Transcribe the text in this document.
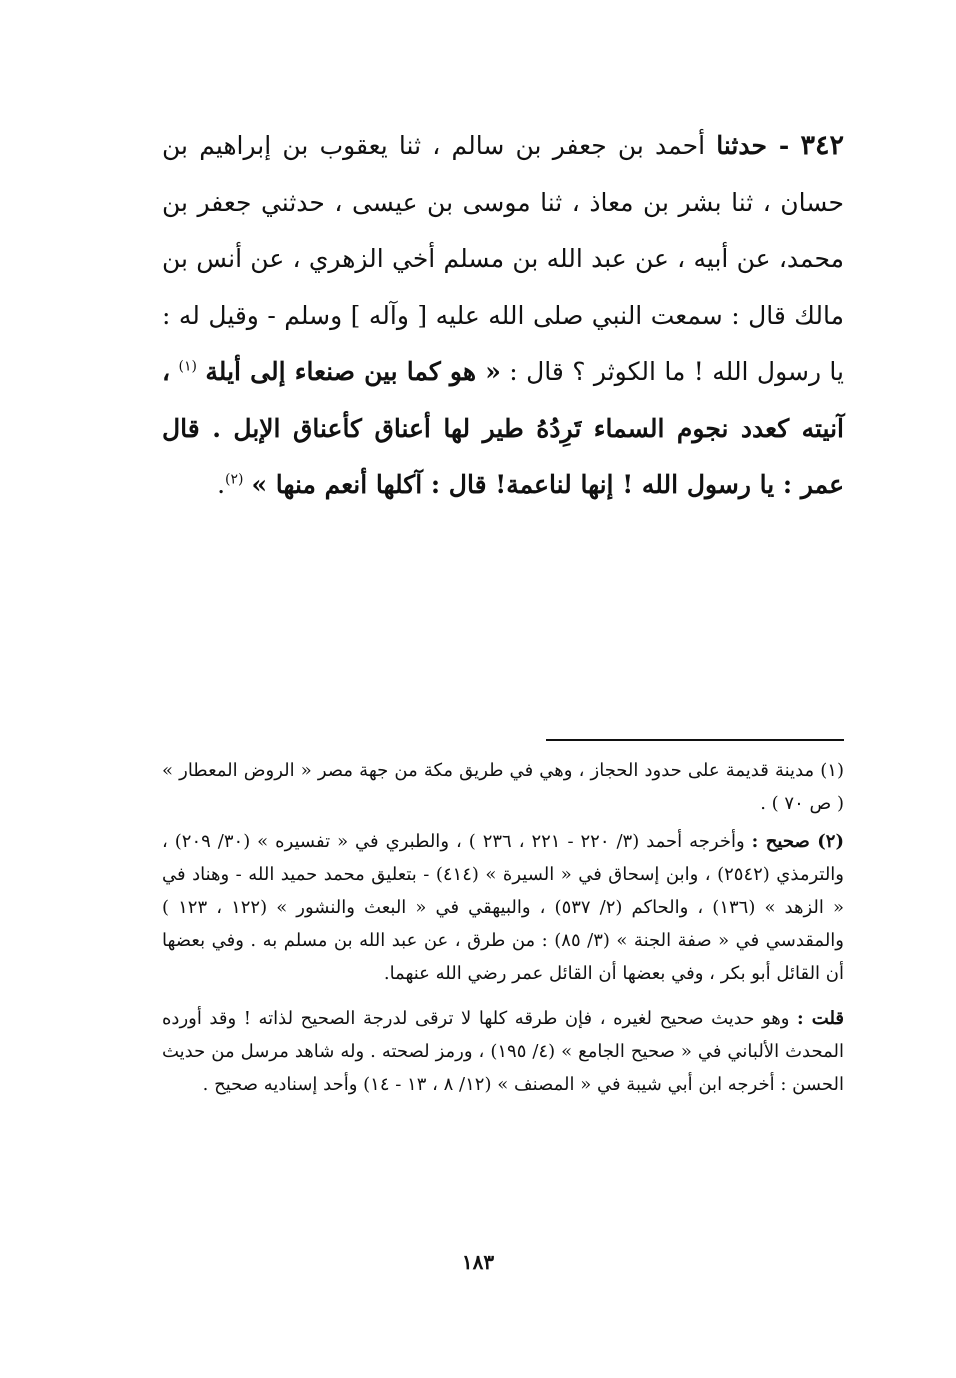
٣٤٢ - حدثنا أحمد بن جعفر بن سالم ، ثنا يعقوب بن إبراهيم بن حسان ، ثنا بشر بن معاذ ، ثنا موسى بن عيسى ، حدثني جعفر بن محمد، عن أبيه ، عن عبد الله بن مسلم أخي الزهري ، عن أنس بن مالك قال : سمعت النبي صلى الله عليه [ وآله ] وسلم - وقيل له : يا رسول الله ! ما الكوثر ؟ قال : « هو كما بين صنعاء إلى أيلة $^{(١)}$ ، آنيته كعدد نجوم السماء تَرِدُهُ طير لها أعناق كأعناق الإبل . قال عمر : يا رسول الله ! إنها لناعمة! قال : آكلها أنعم منها » $^{(٢)}$.

(١) مدينة قديمة على حدود الحجاز ، وهي في طريق مكة من جهة مصر « الروض المعطار » ( ص ٧٠ ) .

(٢) صحيح : وأخرجه أحمد (٣/ ٢٢٠ - ٢٢١ ، ٢٣٦ ) ، والطبري في « تفسيره » (٣٠/ ٢٠٩) ، والترمذي (٢٥٤٢) ، وابن إسحاق في « السيرة » (٤١٤) - بتعليق محمد حميد الله - وهناد في « الزهد » (١٣٦) ، والحاكم (٢/ ٥٣٧) ، والبيهقي في « البعث والنشور » (١٢٢ ، ١٢٣ ) والمقدسي في « صفة الجنة » (٣/ ٨٥) : من طرق ، عن عبد الله بن مسلم به . وفي بعضها أن القائل أبو بكر ، وفي بعضها أن القائل عمر رضي الله عنهما.

قلت : وهو حديث صحيح لغيره ، فإن طرقه كلها لا ترقى لدرجة الصحيح لذاته ! وقد أورده المحدث الألباني في « صحيح الجامع » (٤/ ١٩٥) ، ورمز لصحته . وله شاهد مرسل من حديث الحسن : أخرجه ابن أبي شيبة في « المصنف » (١٢/ ٨ ، ١٣ - ١٤) وأحد إسناديه صحيح .

١٨٣
